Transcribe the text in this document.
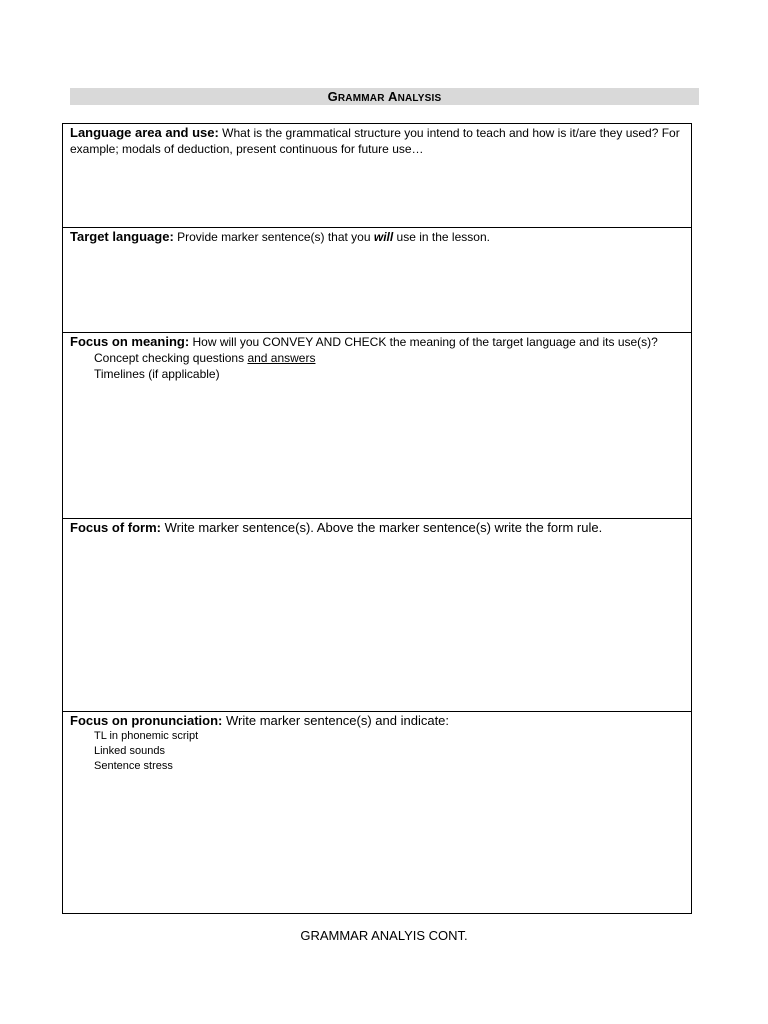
GRAMMAR ANALYSIS
Language area and use: What is the grammatical structure you intend to teach and how is it/are they used? For example; modals of deduction, present continuous for future use…
Target language: Provide marker sentence(s) that you will use in the lesson.
Focus on meaning: How will you CONVEY AND CHECK the meaning of the target language and its use(s)?
Concept checking questions and answers
Timelines (if applicable)

Focus of form: Write marker sentence(s). Above the marker sentence(s) write the form rule.
Focus on pronunciation: Write marker sentence(s) and indicate:
TL in phonemic script
Linked sounds
Sentence stress
GRAMMAR ANALYIS CONT.
